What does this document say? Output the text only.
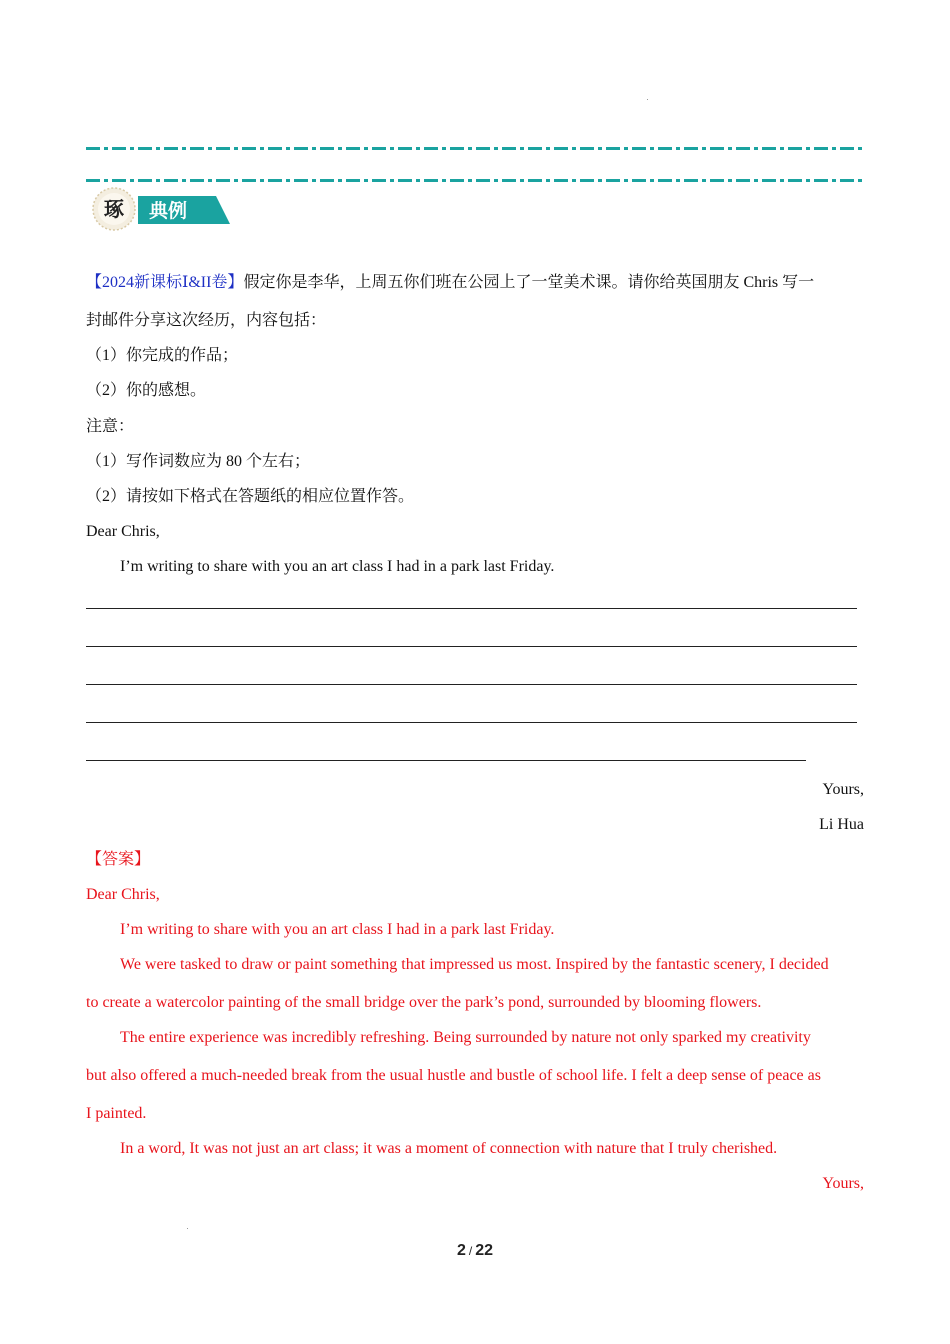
琢 典例
【2024新课标Ⅰ&II卷】假定你是李华，上周五你们班在公园上了一堂美术课。请你给英国朋友 Chris 写一
封邮件分享这次经历，内容包括：
（1）你完成的作品；
（2）你的感想。
注意：
（1）写作词数应为 80 个左右；
（2）请按如下格式在答题纸的相应位置作答。
Dear Chris,
I’m writing to share with you an art class I had in a park last Friday.
Yours,
Li Hua
【答案】
Dear Chris,
I’m writing to share with you an art class I had in a park last Friday.
We were tasked to draw or paint something that impressed us most. Inspired by the fantastic scenery, I decided
to create a watercolor painting of the small bridge over the park’s pond, surrounded by blooming flowers.
The entire experience was incredibly refreshing. Being surrounded by nature not only sparked my creativity
but also offered a much-needed break from the usual hustle and bustle of school life. I felt a deep sense of peace as
I painted.
In a word, It was not just an art class; it was a moment of connection with nature that I truly cherished.
Yours,
2 / 22
